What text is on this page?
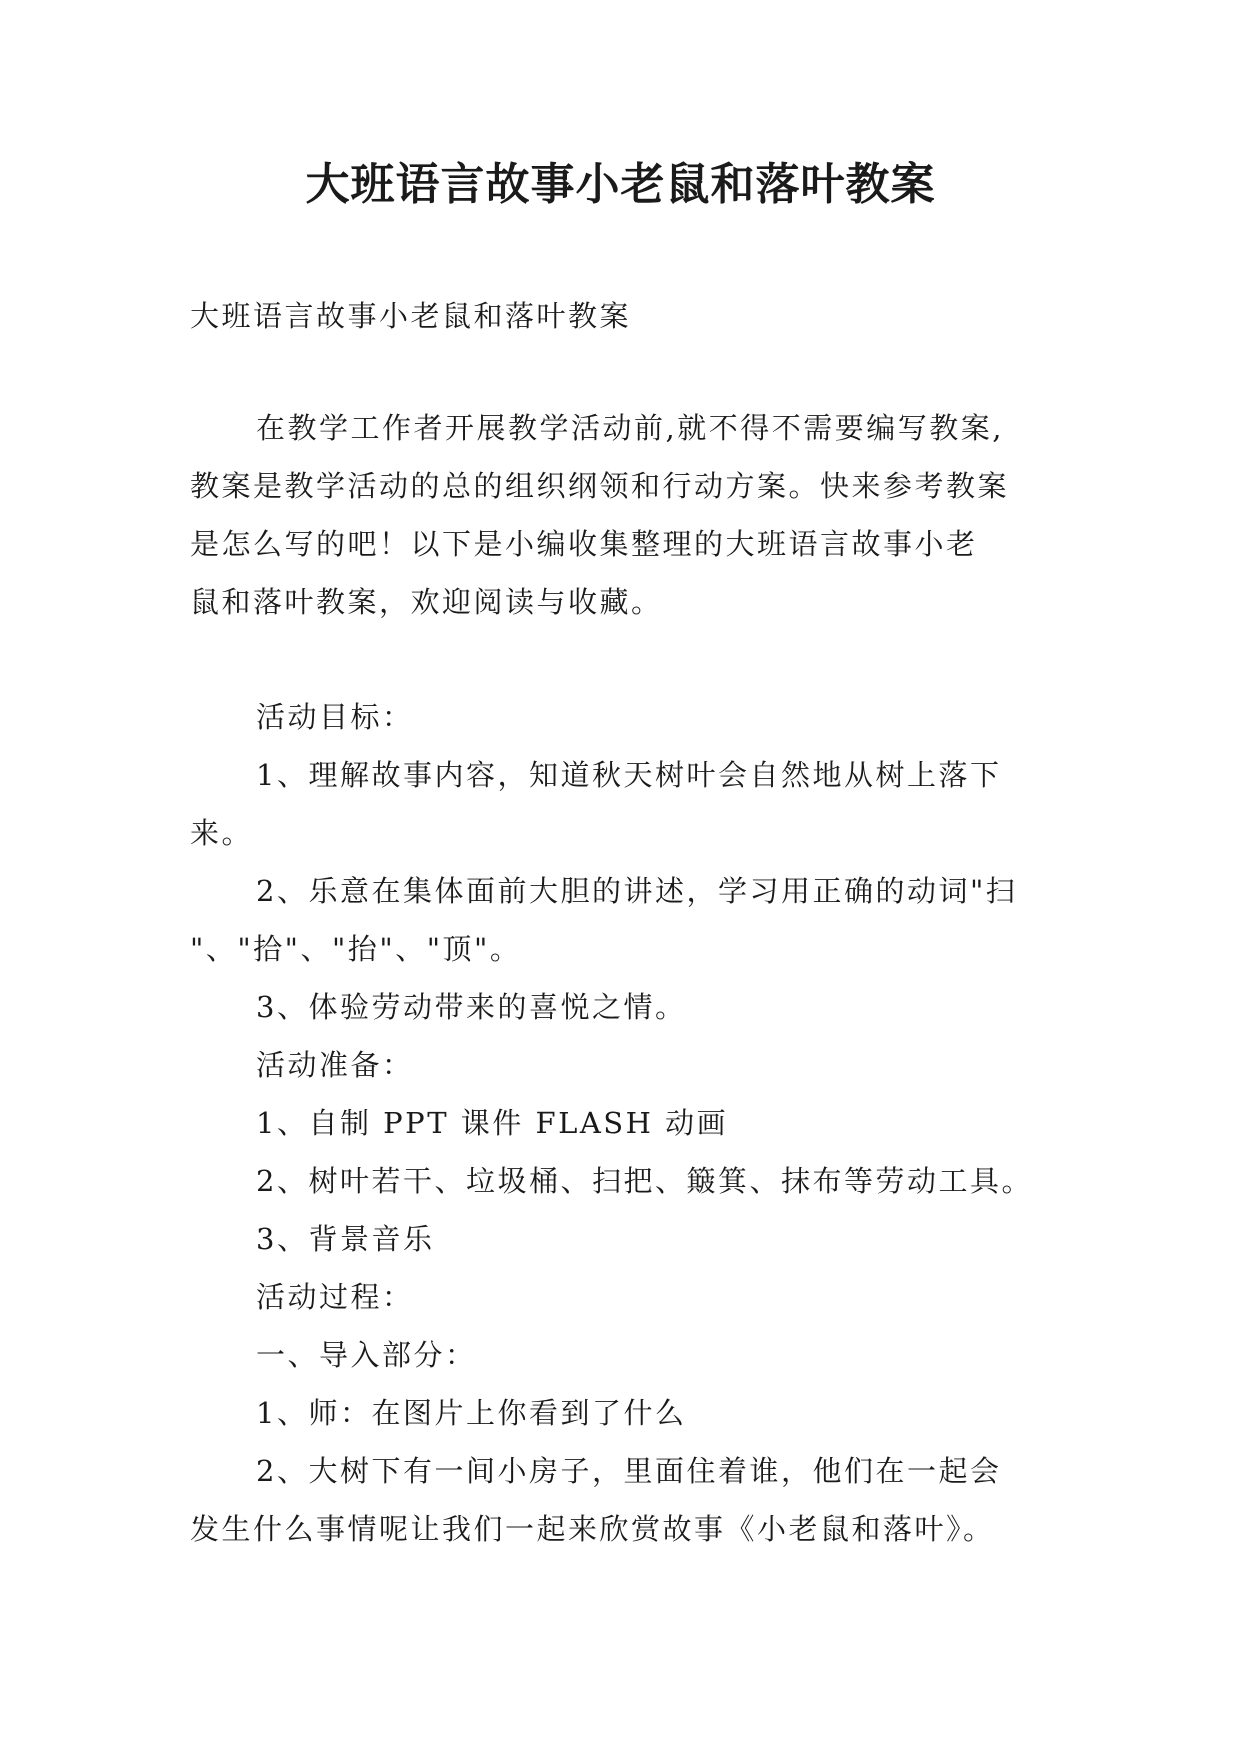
大班语言故事小老鼠和落叶教案
大班语言故事小老鼠和落叶教案
在教学工作者开展教学活动前,就不得不需要编写教案,
教案是教学活动的总的组织纲领和行动方案。快来参考教案
是怎么写的吧！以下是小编收集整理的大班语言故事小老
鼠和落叶教案，欢迎阅读与收藏。
活动目标：
1、理解故事内容，知道秋天树叶会自然地从树上落下
来。
2、乐意在集体面前大胆的讲述，学习用正确的动词"扫
"、"拾"、"抬"、"顶"。
3、体验劳动带来的喜悦之情。
活动准备：
1、自制 PPT 课件 FLASH 动画
2、树叶若干、垃圾桶、扫把、簸箕、抹布等劳动工具。
3、背景音乐
活动过程：
一、导入部分：
1、师：在图片上你看到了什么
2、大树下有一间小房子，里面住着谁，他们在一起会
发生什么事情呢让我们一起来欣赏故事《小老鼠和落叶》。
